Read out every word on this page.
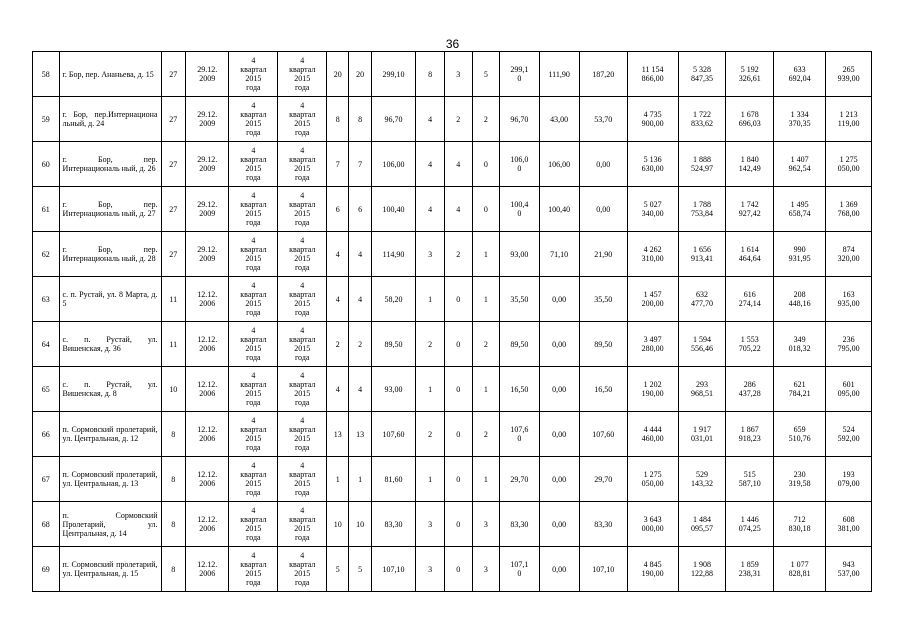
36
58	г. Бор, пер. Ананьева, д. 15	27	29.12.
2009	4
квартал
2015
года	4
квартал
2015
года	20	20	299,10	8	3	5	299,1
0	111,90	187,20	11 154
866,00	5 328
847,35	5 192
326,61	633
692,04	265
939,00
59	г. Бор, пер.Интернациона льный, д. 24	27	29.12.
2009	4
квартал
2015
года	4
квартал
2015
года	8	8	96,70	4	2	2	96,70	43,00	53,70	4 735
900,00	1 722
833,62	1 678
696,03	1 334
370,35	1 213
119,00
60	г. Бор, пер. Интернациональ ный, д. 26	27	29.12.
2009	4
квартал
2015
года	4
квартал
2015
года	7	7	106,00	4	4	0	106,0
0	106,00	0,00	5 136
630,00	1 888
524,97	1 840
142,49	1 407
962,54	1 275
050,00
61	г. Бор, пер. Интернациональ ный, д. 27	27	29.12.
2009	4
квартал
2015
года	4
квартал
2015
года	6	6	100,40	4	4	0	100,4
0	100,40	0,00	5 027
340,00	1 788
753,84	1 742
927,42	1 495
658,74	1 369
768,00
62	г. Бор, пер. Интернациональ ный, д. 28	27	29.12.
2009	4
квартал
2015
года	4
квартал
2015
года	4	4	114,90	3	2	1	93,00	71,10	21,90	4 262
310,00	1 656
913,41	1 614
464,64	990
931,95	874
320,00
63	с. п. Рустай, ул. 8 Марта, д. 5	11	12.12.
2006	4
квартал
2015
года	4
квартал
2015
года	4	4	58,20	1	0	1	35,50	0,00	35,50	1 457
200,00	632
477,70	616
274,14	208
448,16	163
935,00
64	с. п. Рустай, ул. Вишенская, д. 36	11	12.12.
2006	4
квартал
2015
года	4
квартал
2015
года	2	2	89,50	2	0	2	89,50	0,00	89,50	3 497
280,00	1 594
556,46	1 553
705,22	349
018,32	236
795,00
65	с. п. Рустай, ул. Вишенская, д. 8	10	12.12.
2006	4
квартал
2015
года	4
квартал
2015
года	4	4	93,00	1	0	1	16,50	0,00	16,50	1 202
190,00	293
968,51	286
437,28	621
784,21	601
095,00
66	п. Сормовский пролетарий, ул. Центральная, д. 12	8	12.12.
2006	4
квартал
2015
года	4
квартал
2015
года	13	13	107,60	2	0	2	107,6
0	0,00	107,60	4 444
460,00	1 917
031,01	1 867
918,23	659
510,76	524
592,00
67	п. Сормовский пролетарий, ул. Центральная, д. 13	8	12.12.
2006	4
квартал
2015
года	4
квартал
2015
года	1	1	81,60	1	0	1	29,70	0,00	29,70	1 275
050,00	529
143,32	515
587,10	230
319,58	193
079,00
68	п. Сормовский Пролетарий, ул. Центральная, д. 14	8	12.12.
2006	4
квартал
2015
года	4
квартал
2015
года	10	10	83,30	3	0	3	83,30	0,00	83,30	3 643
000,00	1 484
095,57	1 446
074,25	712
830,18	608
381,00
69	п. Сормовский пролетарий, ул. Центральная, д. 15	8	12.12.
2006	4
квартал
2015
года	4
квартал
2015
года	5	5	107,10	3	0	3	107,1
0	0,00	107,10	4 845
190,00	1 908
122,88	1 859
238,31	1 077
828,81	943
537,00
